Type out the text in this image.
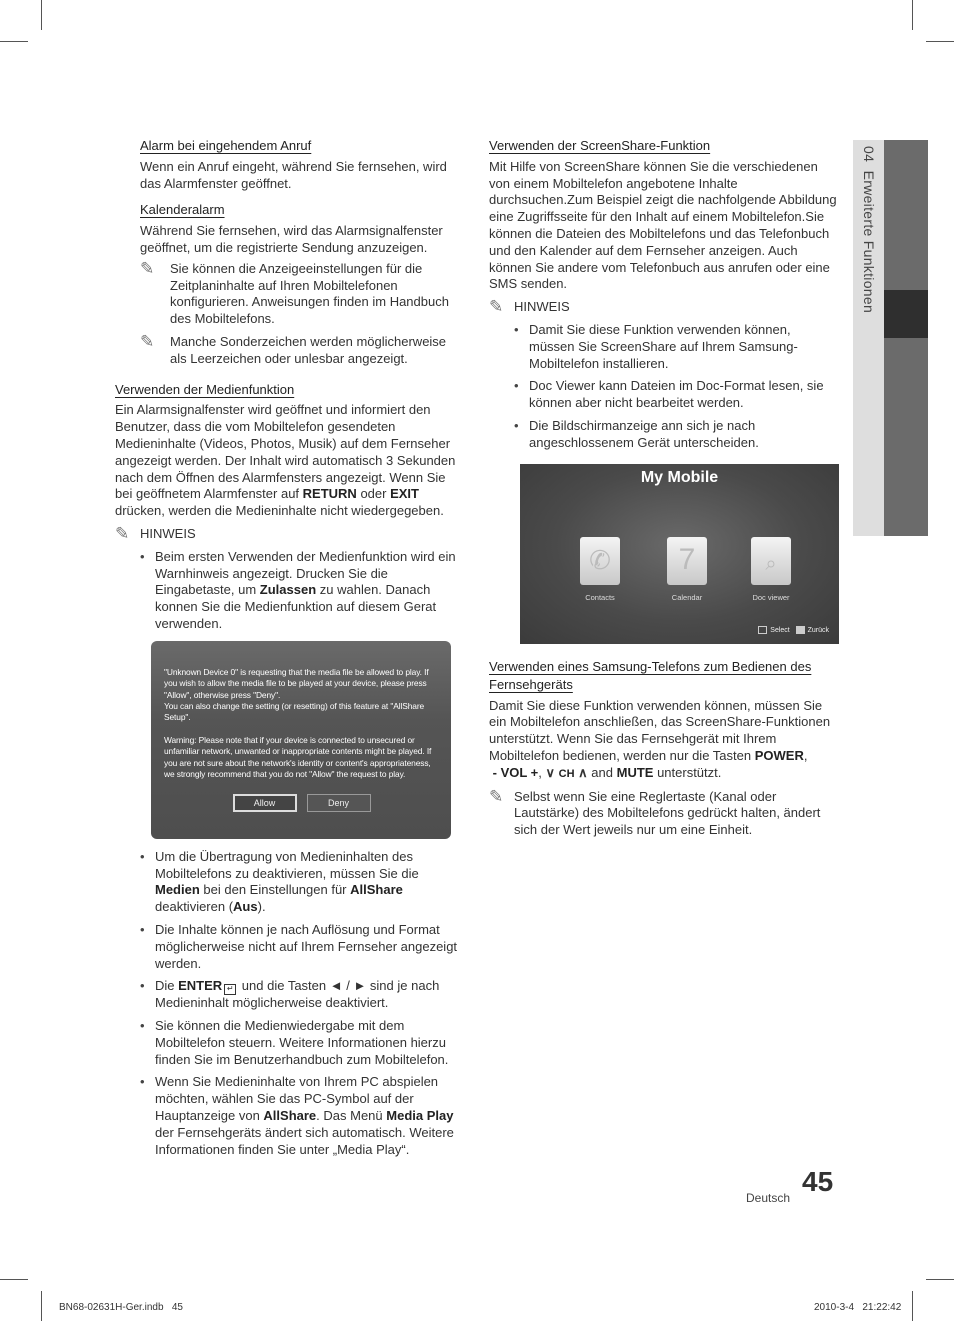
04  Erweiterte Funktionen
Alarm bei eingehendem Anruf

Wenn ein Anruf eingeht, während Sie fernsehen, wird das Alarmfenster geöffnet.

Kalenderalarm

Während Sie fernsehen, wird das Alarmsignalfenster geöffnet, um die registrierte Sendung anzuzeigen.

✎ Sie können die Anzeigeeinstellungen für die Zeitplaninhalte auf Ihren Mobiltelefonen konfigurieren. Anweisungen finden im Handbuch des Mobiltelefons.
✎ Manche Sonderzeichen werden möglicherweise als Leerzeichen oder unlesbar angezeigt.
Verwenden der Medienfunktion

Ein Alarmsignalfenster wird geöffnet und informiert den Benutzer, dass die vom Mobiltelefon gesendeten Medieninhalte (Videos, Photos, Musik) auf dem Fernseher angezeigt werden. Der Inhalt wird automatisch 3 Sekunden nach dem Öffnen des Alarmfensters angezeigt. Wenn Sie bei geöffnetem Alarmfenster auf RETURN oder EXIT drücken, werden die Medieninhalte nicht wiedergegeben.

✎ HINWEIS
• Beim ersten Verwenden der Medienfunktion wird ein Warnhinweis angezeigt. Drucken Sie die Eingabetaste, um Zulassen zu wahlen. Danach konnen Sie die Medienfunktion auf diesem Gerat verwenden.

"Unknown Device 0" is requesting that the media file be allowed to play. If you wish to allow the media file to be played at your device, please press "Allow", otherwise press "Deny".

You can also change the setting (or resetting) of this feature at "AllShare Setup".

Warning: Please note that if your device is connected to unsecured or unfamiliar network, unwanted or inappropriate contents might be played. If you are not sure about the network's identity or content's appropriateness, we strongly recommend that you do not "Allow" the request to play.

Allow	Deny
• Um die Übertragung von Medieninhalten des Mobiltelefons zu deaktivieren, müssen Sie die Medien bei den Einstellungen für AllShare deaktivieren (Aus).
• Die Inhalte können je nach Auflösung und Format möglicherweise nicht auf Ihrem Fernseher angezeigt werden.
• Die ENTER ↵ und die Tasten ◄ / ► sind je nach Medieninhalt möglicherweise deaktiviert.
• Sie können die Medienwiedergabe mit dem Mobiltelefon steuern. Weitere Informationen hierzu finden Sie im Benutzerhandbuch zum Mobiltelefon.
• Wenn Sie Medieninhalte von Ihrem PC abspielen möchten, wählen Sie das PC-Symbol auf der Hauptanzeige von AllShare. Das Menü Media Play der Fernsehgeräts ändert sich automatisch. Weitere Informationen finden Sie unter „Media Play“.
Verwenden der ScreenShare-Funktion

Mit Hilfe von ScreenShare können Sie die verschiedenen von einem Mobiltelefon angebotene Inhalte durchsuchen.Zum Beispiel zeigt die nachfolgende Abbildung eine Zugriffsseite für den Inhalt auf einem Mobiltelefon.Sie können die Dateien des Mobiltelefons und das Telefonbuch und den Kalender auf dem Fernseher anzeigen. Auch können Sie andere vom Telefonbuch aus anrufen oder eine SMS senden.

✎ HINWEIS
• Damit Sie diese Funktion verwenden können, müssen Sie ScreenShare auf Ihrem Samsung-Mobiltelefon installieren.
• Doc Viewer kann Dateien im Doc-Format lesen, sie können aber nicht bearbeitet werden.
• Die Bildschirmanzeige ann sich je nach angeschlossenem Gerät unterscheiden.
My Mobile
✆
Contacts
7
Calendar
⌕
Doc viewer
Select	Zurück
Verwenden eines Samsung-Telefons zum Bedienen des Fernsehgeräts

Damit Sie diese Funktion verwenden können, müssen Sie ein Mobiltelefon anschließen, das ScreenShare-Funktionen unterstützt. Wenn Sie das Fernsehgerät mit Ihrem Mobiltelefon bedienen, werden nur die Tasten POWER,
- VOL +, ∨ CH ∧ and MUTE unterstützt.

✎ Selbst wenn Sie eine Reglertaste (Kanal oder Lautstärke) des Mobiltelefons gedrückt halten, ändert sich der Wert jeweils nur um eine Einheit.
Deutsch
45
BN68-02631H-Ger.indb   45	2010-3-4   21:22:42
